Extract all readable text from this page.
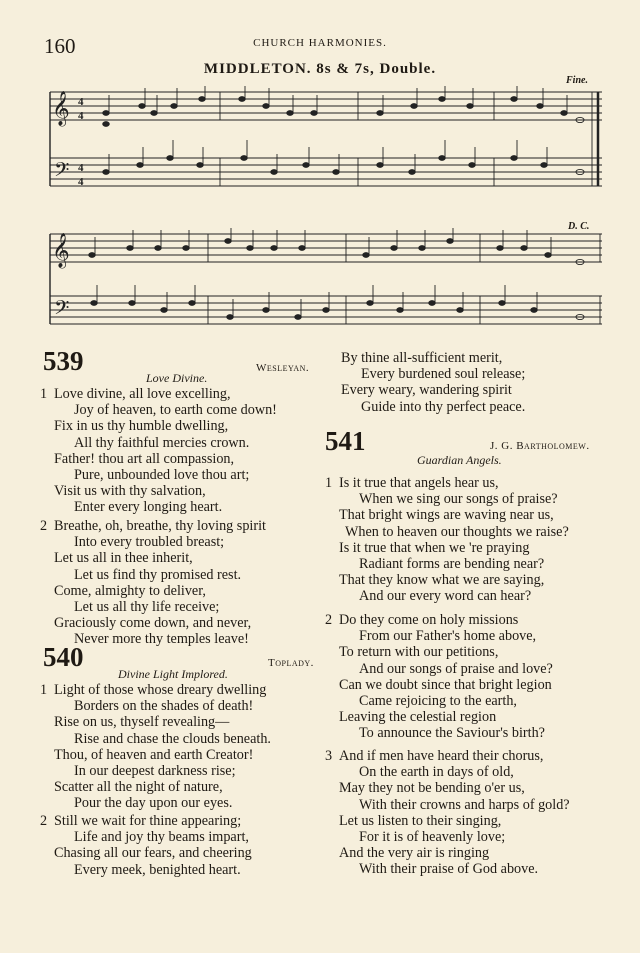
160	CHURCH HARMONIES.
MIDDLETON. 8s & 7s, Double.
Fine.
D. C.
𝄞
𝄢
4
4
4
4
𝄞
𝄢
539	Wesleyan.
Love Divine.
1 Love divine, all love excelling,
Joy of heaven, to earth come down!
Fix in us thy humble dwelling,
All thy faithful mercies crown.
Father! thou art all compassion,
Pure, unbounded love thou art;
Visit us with thy salvation,
Enter every longing heart.
2 Breathe, oh, breathe, thy loving spirit
Into every troubled breast;
Let us all in thee inherit,
Let us find thy promised rest.
Come, almighty to deliver,
Let us all thy life receive;
Graciously come down, and never,
Never more thy temples leave!
540	Toplady.
Divine Light Implored.
1 Light of those whose dreary dwelling
Borders on the shades of death!
Rise on us, thyself revealing—
Rise and chase the clouds beneath.
Thou, of heaven and earth Creator!
In our deepest darkness rise;
Scatter all the night of nature,
Pour the day upon our eyes.
2 Still we wait for thine appearing;
Life and joy thy beams impart,
Chasing all our fears, and cheering
Every meek, benighted heart.
By thine all-sufficient merit,
Every burdened soul release;
Every weary, wandering spirit
Guide into thy perfect peace.
541	J. G. Bartholomew.
Guardian Angels.
1 Is it true that angels hear us,
When we sing our songs of praise?
That bright wings are waving near us,
When to heaven our thoughts we raise?
Is it true that when we 're praying
Radiant forms are bending near?
That they know what we are saying,
And our every word can hear?
2 Do they come on holy missions
From our Father's home above,
To return with our petitions,
And our songs of praise and love?
Can we doubt since that bright legion
Came rejoicing to the earth,
Leaving the celestial region
To announce the Saviour's birth?
3 And if men have heard their chorus,
On the earth in days of old,
May they not be bending o'er us,
With their crowns and harps of gold?
Let us listen to their singing,
For it is of heavenly love;
And the very air is ringing
With their praise of God above.
